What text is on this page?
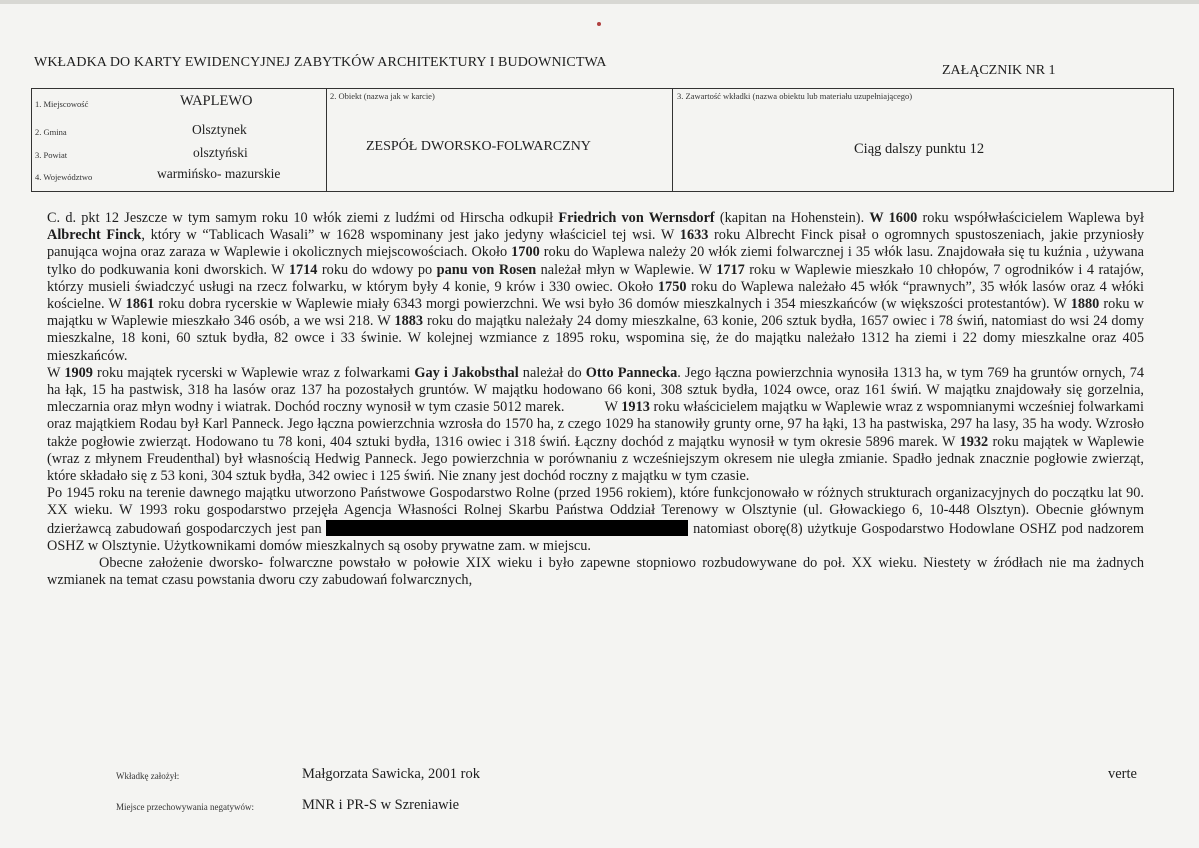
WKŁADKA DO KARTY EWIDENCYJNEJ ZABYTKÓW ARCHITEKTURY I BUDOWNICTWA
ZAŁĄCZNIK NR 1
1. Miejscowość	WAPLEWO
2. Gmina	Olsztynek
3. Powiat	olsztyński
4. Województwo	warmińsko- mazurskie
2. Obiekt (nazwa jak w karcie)
ZESPÓŁ DWORSKO-FOLWARCZNY
3. Zawartość wkładki (nazwa obiektu lub materiału uzupełniającego)
Ciąg dalszy punktu 12

C. d. pkt 12 Jeszcze w tym samym roku 10 włók ziemi z ludźmi od Hirscha odkupił Friedrich von Wernsdorf (kapitan na Hohenstein). W 1600 roku współwłaścicielem Waplewa był Albrecht Finck, który w “Tablicach Wasali” w 1628 wspominany jest jako jedyny właściciel tej wsi. W 1633 roku Albrecht Finck pisał o ogromnych spustoszeniach, jakie przyniosły panująca wojna oraz zaraza w Waplewie i okolicznych miejscowościach. Około 1700 roku do Waplewa należy 20 włók ziemi folwarcznej i 35 włók lasu. Znajdowała się tu kuźnia , używana tylko do podkuwania koni dworskich. W 1714 roku do wdowy po panu von Rosen należał młyn w Waplewie. W 1717 roku w Waplewie mieszkało 10 chłopów, 7 ogrodników i 4 ratajów, którzy musieli świadczyć usługi na rzecz folwarku, w którym były 4 konie, 9 krów i 330 owiec. Około 1750 roku do Waplewa należało 45 włók “prawnych”, 35 włók lasów oraz 4 włóki kościelne. W 1861 roku dobra rycerskie w Waplewie miały 6343 morgi powierzchni. We wsi było 36 domów mieszkalnych i 354 mieszkańców (w większości protestantów). W 1880 roku w majątku w Waplewie mieszkało 346 osób, a we wsi 218. W 1883 roku do majątku należały 24 domy mieszkalne, 63 konie, 206 sztuk bydła, 1657 owiec i 78 świń, natomiast do wsi 24 domy mieszkalne, 18 koni, 60 sztuk bydła, 82 owce i 33 świnie. W kolejnej wzmiance z 1895 roku, wspomina się, że do majątku należało 1312 ha ziemi i 22 domy mieszkalne oraz 405 mieszkańców.

W 1909 roku majątek rycerski w Waplewie wraz z folwarkami Gay i Jakobsthal należał do Otto Pannecka. Jego łączna powierzchnia wynosiła 1313 ha, w tym 769 ha gruntów ornych, 74 ha łąk, 15 ha pastwisk, 318 ha lasów oraz 137 ha pozostałych gruntów. W majątku hodowano 66 koni, 308 sztuk bydła, 1024 owce, oraz 161 świń. W majątku znajdowały się gorzelnia, mleczarnia oraz młyn wodny i wiatrak. Dochód roczny wynosił w tym czasie 5012 marek.	W 1913 roku właścicielem majątku w Waplewie wraz z wspomnianymi wcześniej folwarkami oraz majątkiem Rodau był Karl Panneck. Jego łączna powierzchnia wzrosła do 1570 ha, z czego 1029 ha stanowiły grunty orne, 97 ha łąki, 13 ha pastwiska, 297 ha lasy, 35 ha wody. Wzrosło także pogłowie zwierząt. Hodowano tu 78 koni, 404 sztuki bydła, 1316 owiec i 318 świń. Łączny dochód z majątku wynosił w tym okresie 5896 marek. W 1932 roku majątek w Waplewie (wraz z młynem Freudenthal) był własnością Hedwig Panneck. Jego powierzchnia w porównaniu z wcześniejszym okresem nie uległa zmianie. Spadło jednak znacznie pogłowie zwierząt, które składało się z 53 koni, 304 sztuk bydła, 342 owiec i 125 świń. Nie znany jest dochód roczny z majątku w tym czasie.

Po 1945 roku na terenie dawnego majątku utworzono Państwowe Gospodarstwo Rolne (przed 1956 rokiem), które funkcjonowało w różnych strukturach organizacyjnych do początku lat 90. XX wieku. W 1993 roku gospodarstwo przejęła Agencja Własności Rolnej Skarbu Państwa Oddział Terenowy w Olsztynie (ul. Głowackiego 6, 10-448 Olsztyn). Obecnie głównym dzierżawcą zabudowań gospodarczych jest pan	natomiast oborę(8) użytkuje Gospodarstwo Hodowlane OSHZ pod nadzorem OSHZ w Olsztynie. Użytkownikami domów mieszkalnych są osoby prywatne zam. w miejscu.

Obecne założenie dworsko- folwarczne powstało w połowie XIX wieku i było zapewne stopniowo rozbudowywane do poł. XX wieku. Niestety w źródłach nie ma żadnych wzmianek na temat czasu powstania dworu czy zabudowań folwarcznych,

Wkładkę założył:	Małgorzata Sawicka, 2001 rok	verte
Miejsce przechowywania negatywów:	MNR i PR-S w Szreniawie
